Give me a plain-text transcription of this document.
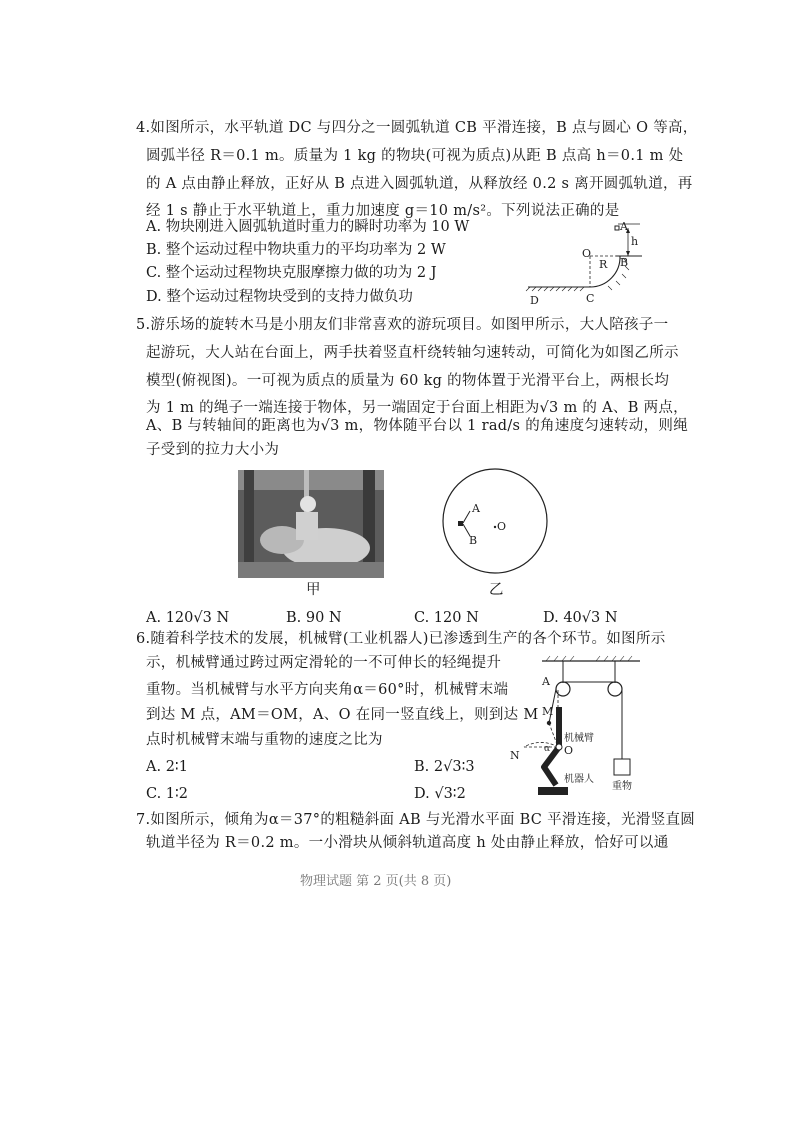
4.如图所示，水平轨道 DC 与四分之一圆弧轨道 CB 平滑连接，B 点与圆心 O 等高，
圆弧半径 R＝0.1 m。质量为 1 kg 的物块(可视为质点)从距 B 点高 h＝0.1 m 处
的 A 点由静止释放，正好从 B 点进入圆弧轨道，从释放经 0.2 s 离开圆弧轨道，再
经 1 s 静止于水平轨道上，重力加速度 g＝10 m/s²。下列说法正确的是
A. 物块刚进入圆弧轨道时重力的瞬时功率为 10 W
B. 整个运动过程中物块重力的平均功率为 2 W
C. 整个运动过程物块克服摩擦力做的功为 2 J
D. 整个运动过程物块受到的支持力做负功
A
h
O
R B
D	C
5.游乐场的旋转木马是小朋友们非常喜欢的游玩项目。如图甲所示，大人陪孩子一
起游玩，大人站在台面上，两手扶着竖直杆绕转轴匀速转动，可简化为如图乙所示
模型(俯视图)。一可视为质点的质量为 60 kg 的物体置于光滑平台上，两根长均
为 1 m 的绳子一端连接于物体，另一端固定于台面上相距为√3 m 的 A、B 两点，
A、B 与转轴间的距离也为√3 m，物体随平台以 1 rad/s 的角速度匀速转动，则绳
子受到的拉力大小为
A
B
O
甲	乙
A. 120√3 N	B. 90 N	C. 120 N	D. 40√3 N
6.随着科学技术的发展，机械臂(工业机器人)已渗透到生产的各个环节。如图所示
示，机械臂通过跨过两定滑轮的一不可伸长的轻绳提升
重物。当机械臂与水平方向夹角α＝60°时，机械臂末端
到达 M 点，AM＝OM，A、O 在同一竖直线上，则到达 M
点时机械臂末端与重物的速度之比为
A. 2∶1	B. 2√3∶3
C. 1∶2	D. √3∶2
A
M
N	O
α
机械臂
机器人
重物
7.如图所示，倾角为α＝37°的粗糙斜面 AB 与光滑水平面 BC 平滑连接，光滑竖直圆
轨道半径为 R＝0.2 m。一小滑块从倾斜轨道高度 h 处由静止释放，恰好可以通
物理试题 第 2 页(共 8 页)
